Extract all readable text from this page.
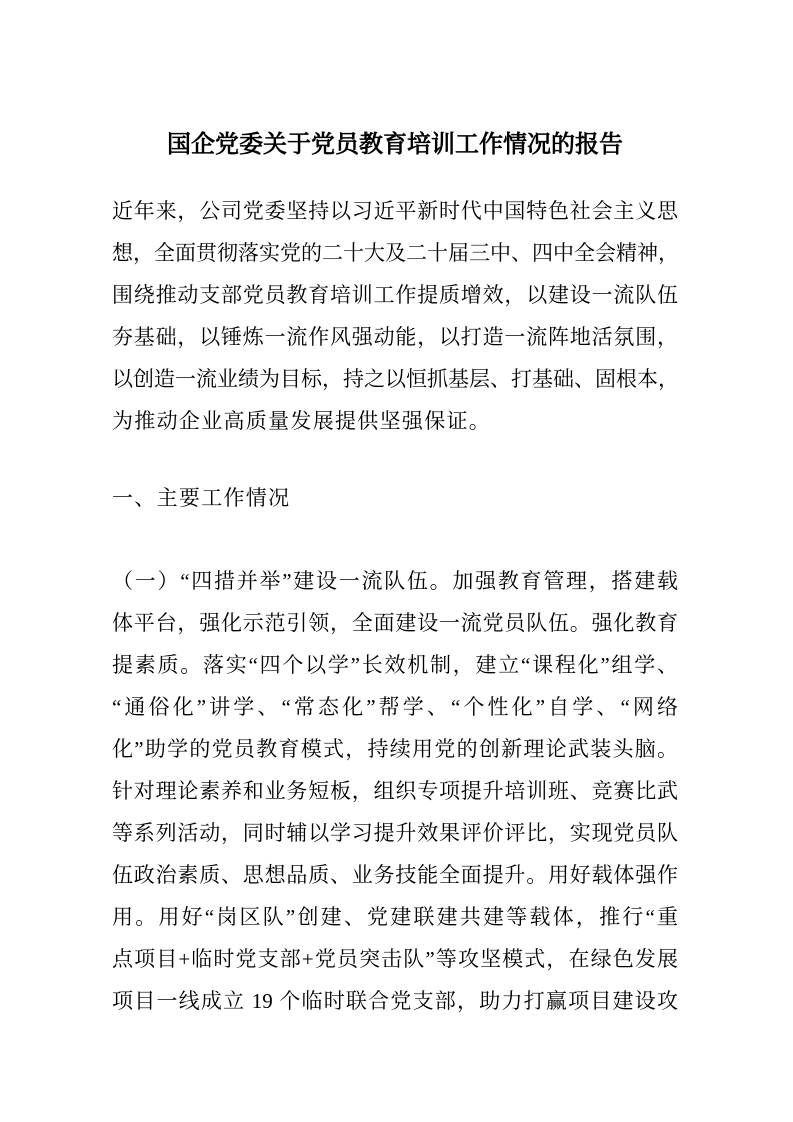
国企党委关于党员教育培训工作情况的报告
近年来，公司党委坚持以习近平新时代中国特色社会主义思
想，全面贯彻落实党的二十大及二十届三中、四中全会精神，
围绕推动支部党员教育培训工作提质增效，以建设一流队伍
夯基础，以锤炼一流作风强动能，以打造一流阵地活氛围，
以创造一流业绩为目标，持之以恒抓基层、打基础、固根本，
为推动企业高质量发展提供坚强保证。
一、主要工作情况
（一）“四措并举”建设一流队伍。加强教育管理，搭建载
体平台，强化示范引领，全面建设一流党员队伍。强化教育
提素质。落实“四个以学”长效机制，建立“课程化”组学、
“通俗化”讲学、“常态化”帮学、“个性化”自学、“网络
化”助学的党员教育模式，持续用党的创新理论武装头脑。
针对理论素养和业务短板，组织专项提升培训班、竞赛比武
等系列活动，同时辅以学习提升效果评价评比，实现党员队
伍政治素质、思想品质、业务技能全面提升。用好载体强作
用。用好“岗区队”创建、党建联建共建等载体，推行“重
点项目+临时党支部+党员突击队”等攻坚模式，在绿色发展
项目一线成立 19 个临时联合党支部，助力打赢项目建设攻
